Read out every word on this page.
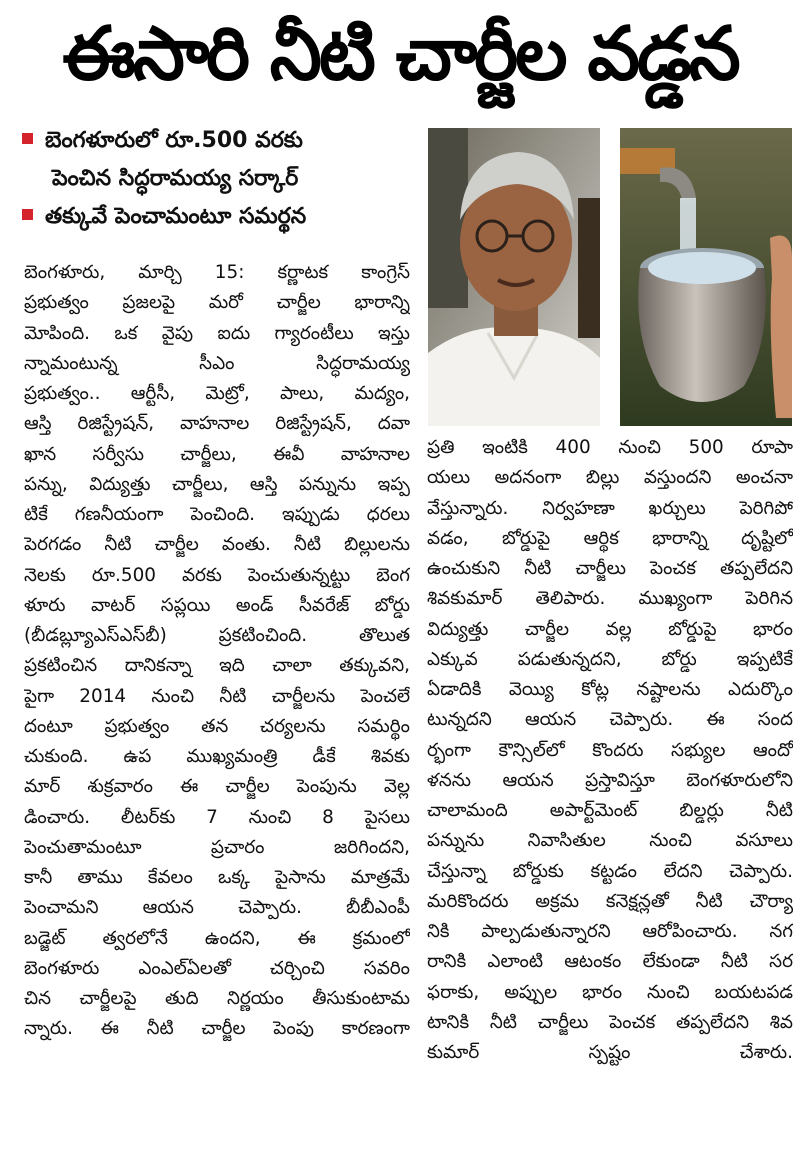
ఈసారి నీటి చార్జీల వడ్డన
బెంగళూరులో రూ.500 వరకు
పెంచిన సిద్ధరామయ్య సర్కార్
తక్కువే పెంచామంటూ సమర్థన
బెంగళూరు, మార్చి 15: కర్ణాటక కాంగ్రెస్
ప్రభుత్వం ప్రజలపై మరో చార్జీల భారాన్ని
మోపింది. ఒక వైపు ఐదు గ్యారంటీలు ఇస్తు
న్నామంటున్న సీఎం సిద్ధరామయ్య
ప్రభుత్వం.. ఆర్టీసీ, మెట్రో, పాలు, మద్యం,
ఆస్తి రిజిస్ట్రేషన్, వాహనాల రిజిస్ట్రేషన్, దవా
ఖాన సర్వీసు చార్జీలు, ఈవీ వాహనాల
పన్ను, విద్యుత్తు చార్జీలు, ఆస్తి పన్నును ఇప్ప
టికే గణనీయంగా పెంచింది. ఇప్పుడు ధరలు
పెరగడం నీటి చార్జీల వంతు. నీటి బిల్లులను
నెలకు రూ.500 వరకు పెంచుతున్నట్టు బెంగ
ళూరు వాటర్ సప్లయి అండ్ సీవరేజ్ బోర్డు
(బీడబ్ల్యూఎస్‌ఎస్‌బీ) ప్రకటించింది. తొలుత
ప్రకటించిన దానికన్నా ఇది చాలా తక్కువని,
పైగా 2014 నుంచి నీటి చార్జీలను పెంచలే
దంటూ ప్రభుత్వం తన చర్యలను సమర్థిం
చుకుంది. ఉప ముఖ్యమంత్రి డీకే శివకు
మార్ శుక్రవారం ఈ చార్జీల పెంపును వెల్ల
డించారు. లీటర్‌కు 7 నుంచి 8 పైసలు
పెంచుతామంటూ ప్రచారం జరిగిందని,
కానీ తాము కేవలం ఒక్క పైసాను మాత్రమే
పెంచామని ఆయన చెప్పారు. బీబీఎంపీ
బడ్జెట్ త్వరలోనే ఉందని, ఈ క్రమంలో
బెంగళూరు ఎంఎల్ఏలతో చర్చించి సవరిం
చిన చార్జీలపై తుది నిర్ణయం తీసుకుంటామ
న్నారు. ఈ నీటి చార్జీల పెంపు కారణంగా
ప్రతి ఇంటికి 400 నుంచి 500 రూపా
యలు అదనంగా బిల్లు వస్తుందని అంచనా
వేస్తున్నారు. నిర్వహణా ఖర్చులు పెరిగిపో
వడం, బోర్డుపై ఆర్థిక భారాన్ని దృష్టిలో
ఉంచుకుని నీటి చార్జీలు పెంచక తప్పలేదని
శివకుమార్ తెలిపారు. ముఖ్యంగా పెరిగిన
విద్యుత్తు చార్జీల వల్ల బోర్డుపై భారం
ఎక్కువ పడుతున్నదని, బోర్డు ఇప్పటికే
ఏడాదికి వెయ్యి కోట్ల నష్టాలను ఎదుర్కొం
టున్నదని ఆయన చెప్పారు. ఈ సంద
ర్భంగా కౌన్సిల్‌లో కొందరు సభ్యుల ఆందో
ళనను ఆయన ప్రస్తావిస్తూ బెంగళూరులోని
చాలామంది అపార్ట్‌మెంట్ బిల్డర్లు నీటి
పన్నును నివాసితుల నుంచి వసూలు
చేస్తున్నా బోర్డుకు కట్టడం లేదని చెప్పారు.
మరికొందరు అక్రమ కనెక్షన్లతో నీటి చౌర్యా
నికి పాల్పడుతున్నారని ఆరోపించారు. నగ
రానికి ఎలాంటి ఆటంకం లేకుండా నీటి సర
ఫరాకు, అప్పుల భారం నుంచి బయటపడ
టానికి నీటి చార్జీలు పెంచక తప్పలేదని శివ
కుమార్ స్పష్టం చేశారు.
